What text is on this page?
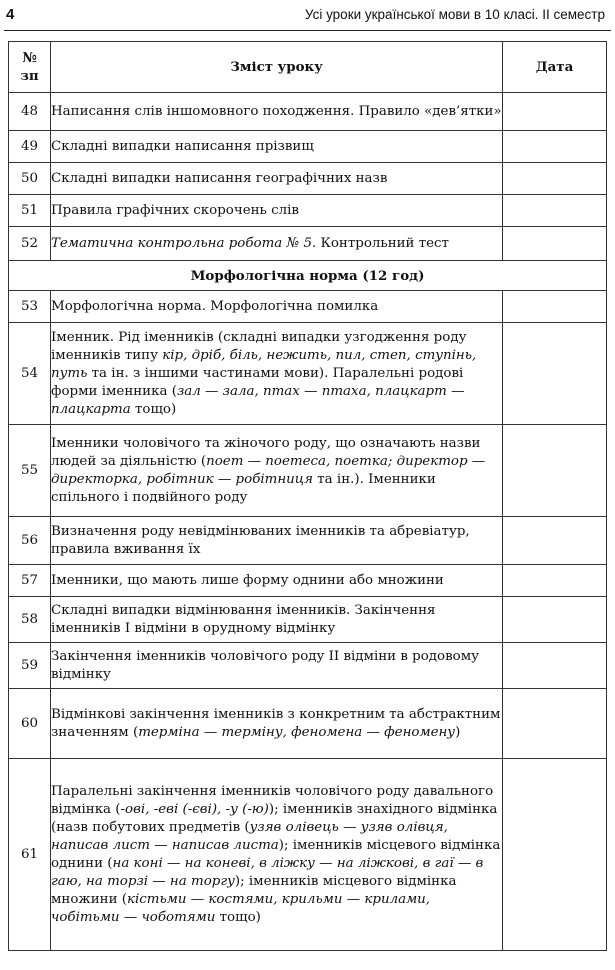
4	Усі уроки української мови в 10 класі. ІІ семестр
№
зп	Зміст уроку	Дата
48	Написання слів іншомовного походження. Правило «дев’ятки»	
49	Складні випадки написання прізвищ	
50	Складні випадки написання географічних назв	
51	Правила графічних скорочень слів	
52	Тематична контрольна робота № 5. Контрольний тест	
Морфологічна норма (12 год)		
53	Морфологічна норма. Морфологічна помилка	
54	Іменник. Рід іменників (складні випадки узгодження роду іменників типу кір, дріб, біль, нежить, пил, степ, ступінь, путь та ін. з іншими частинами мови). Паралельні родові форми іменника (зал — зала, птах — птаха, плацкарт — плацкарта тощо)	
55	Іменники чоловічого та жіночого роду, що означають назви людей за діяльністю (поет — поетеса, поетка; директор — директорка, робітник — робітниця та ін.). Іменники спільного і подвійного роду	
56	Визначення роду невідмінюваних іменників та абревіатур, правила вживання їх	
57	Іменники, що мають лише форму однини або множини	
58	Складні випадки відмінювання іменників. Закінчення іменників І відміни в орудному відмінку	
59	Закінчення іменників чоловічого роду ІІ відміни в родовому відмінку	
60	Відмінкові закінчення іменників з конкретним та абстрактним значенням (терміна — терміну, феномена — феномену)	
61	Паралельні закінчення іменників чоловічого роду давального відмінка (-ові, -еві (-єві), -у (-ю)); іменників знахідного відмінка (назв побутових предметів (узяв олівець — узяв олівця, написав лист — написав листа); іменників місцевого відмінка однини (на коні — на коневі, в ліжку — на ліжкові, в гаї — в гаю, на торзі — на торгу); іменників місцевого відмінка множини (кістьми — костями, крильми — крилами, чобітьми — чоботями тощо)	
